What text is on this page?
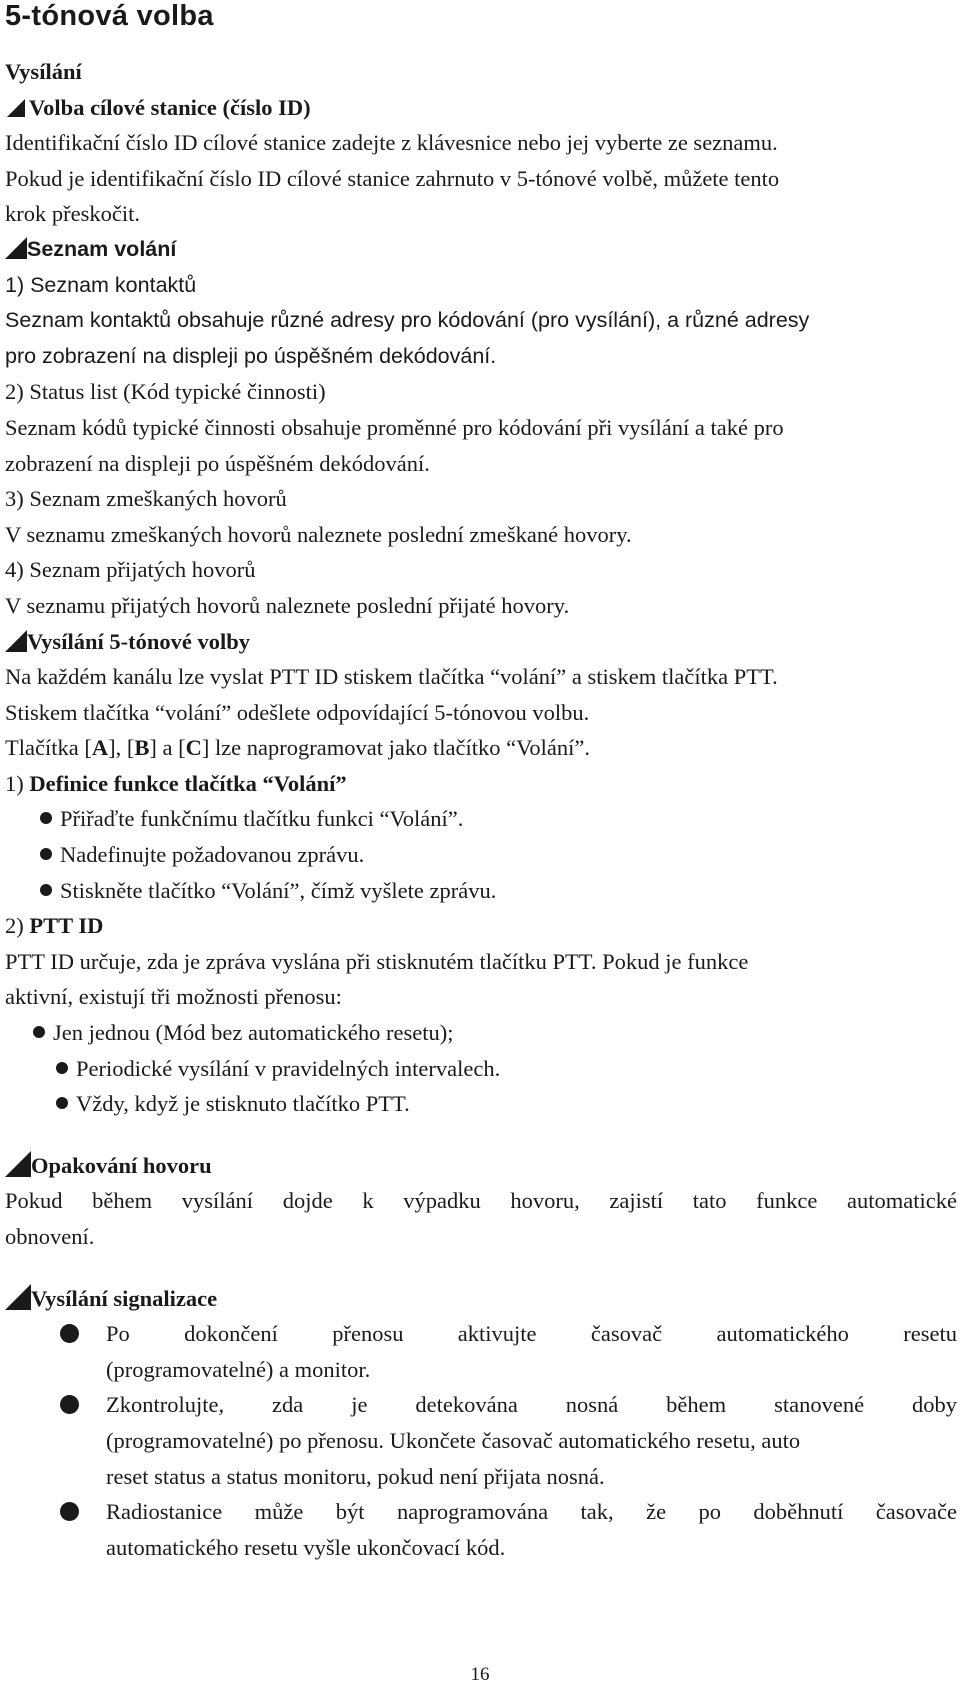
5-tónová volba
Vysílání
Volba cílové stanice (číslo ID)
Identifikační číslo ID cílové stanice zadejte z klávesnice nebo jej vyberte ze seznamu.
Pokud je identifikační číslo ID cílové stanice zahrnuto v 5-tónové volbě, můžete tento
krok přeskočit.
Seznam volání
1) Seznam kontaktů
Seznam kontaktů obsahuje různé adresy pro kódování (pro vysílání), a různé adresy
pro zobrazení na displeji po úspěšném dekódování.
2) Status list (Kód typické činnosti)
Seznam kódů typické činnosti obsahuje proměnné pro kódování při vysílání a také pro
zobrazení na displeji po úspěšném dekódování.
3) Seznam zmeškaných hovorů
V seznamu zmeškaných hovorů naleznete poslední zmeškané hovory.
4) Seznam přijatých hovorů
V seznamu přijatých hovorů naleznete poslední přijaté hovory.
Vysílání 5-tónové volby
Na každém kanálu lze vyslat PTT ID stiskem tlačítka “volání” a stiskem tlačítka PTT.
Stiskem tlačítka “volání” odešlete odpovídající 5-tónovou volbu.
Tlačítka [A], [B] a [C] lze naprogramovat jako tlačítko “Volání”.
1) Definice funkce tlačítka “Volání”
Přiřaďte funkčnímu tlačítku funkci “Volání”.
Nadefinujte požadovanou zprávu.
Stiskněte tlačítko “Volání”, čímž vyšlete zprávu.
2) PTT ID
PTT ID určuje, zda je zpráva vyslána při stisknutém tlačítku PTT. Pokud je funkce
aktivní, existují tři možnosti přenosu:
Jen jednou (Mód bez automatického resetu);
Periodické vysílání v pravidelných intervalech.
Vždy, když je stisknuto tlačítko PTT.
Opakování hovoru
Pokud během vysílání dojde k výpadku hovoru, zajistí tato funkce automatické
obnovení.
Vysílání signalizace
Po dokončení přenosu aktivujte časovač automatického resetu
(programovatelné) a monitor.
Zkontrolujte, zda je detekována nosná během stanovené doby
(programovatelné) po přenosu. Ukončete časovač automatického resetu, auto
reset status a status monitoru, pokud není přijata nosná.
Radiostanice může být naprogramována tak, že po doběhnutí časovače
automatického resetu vyšle ukončovací kód.
16
